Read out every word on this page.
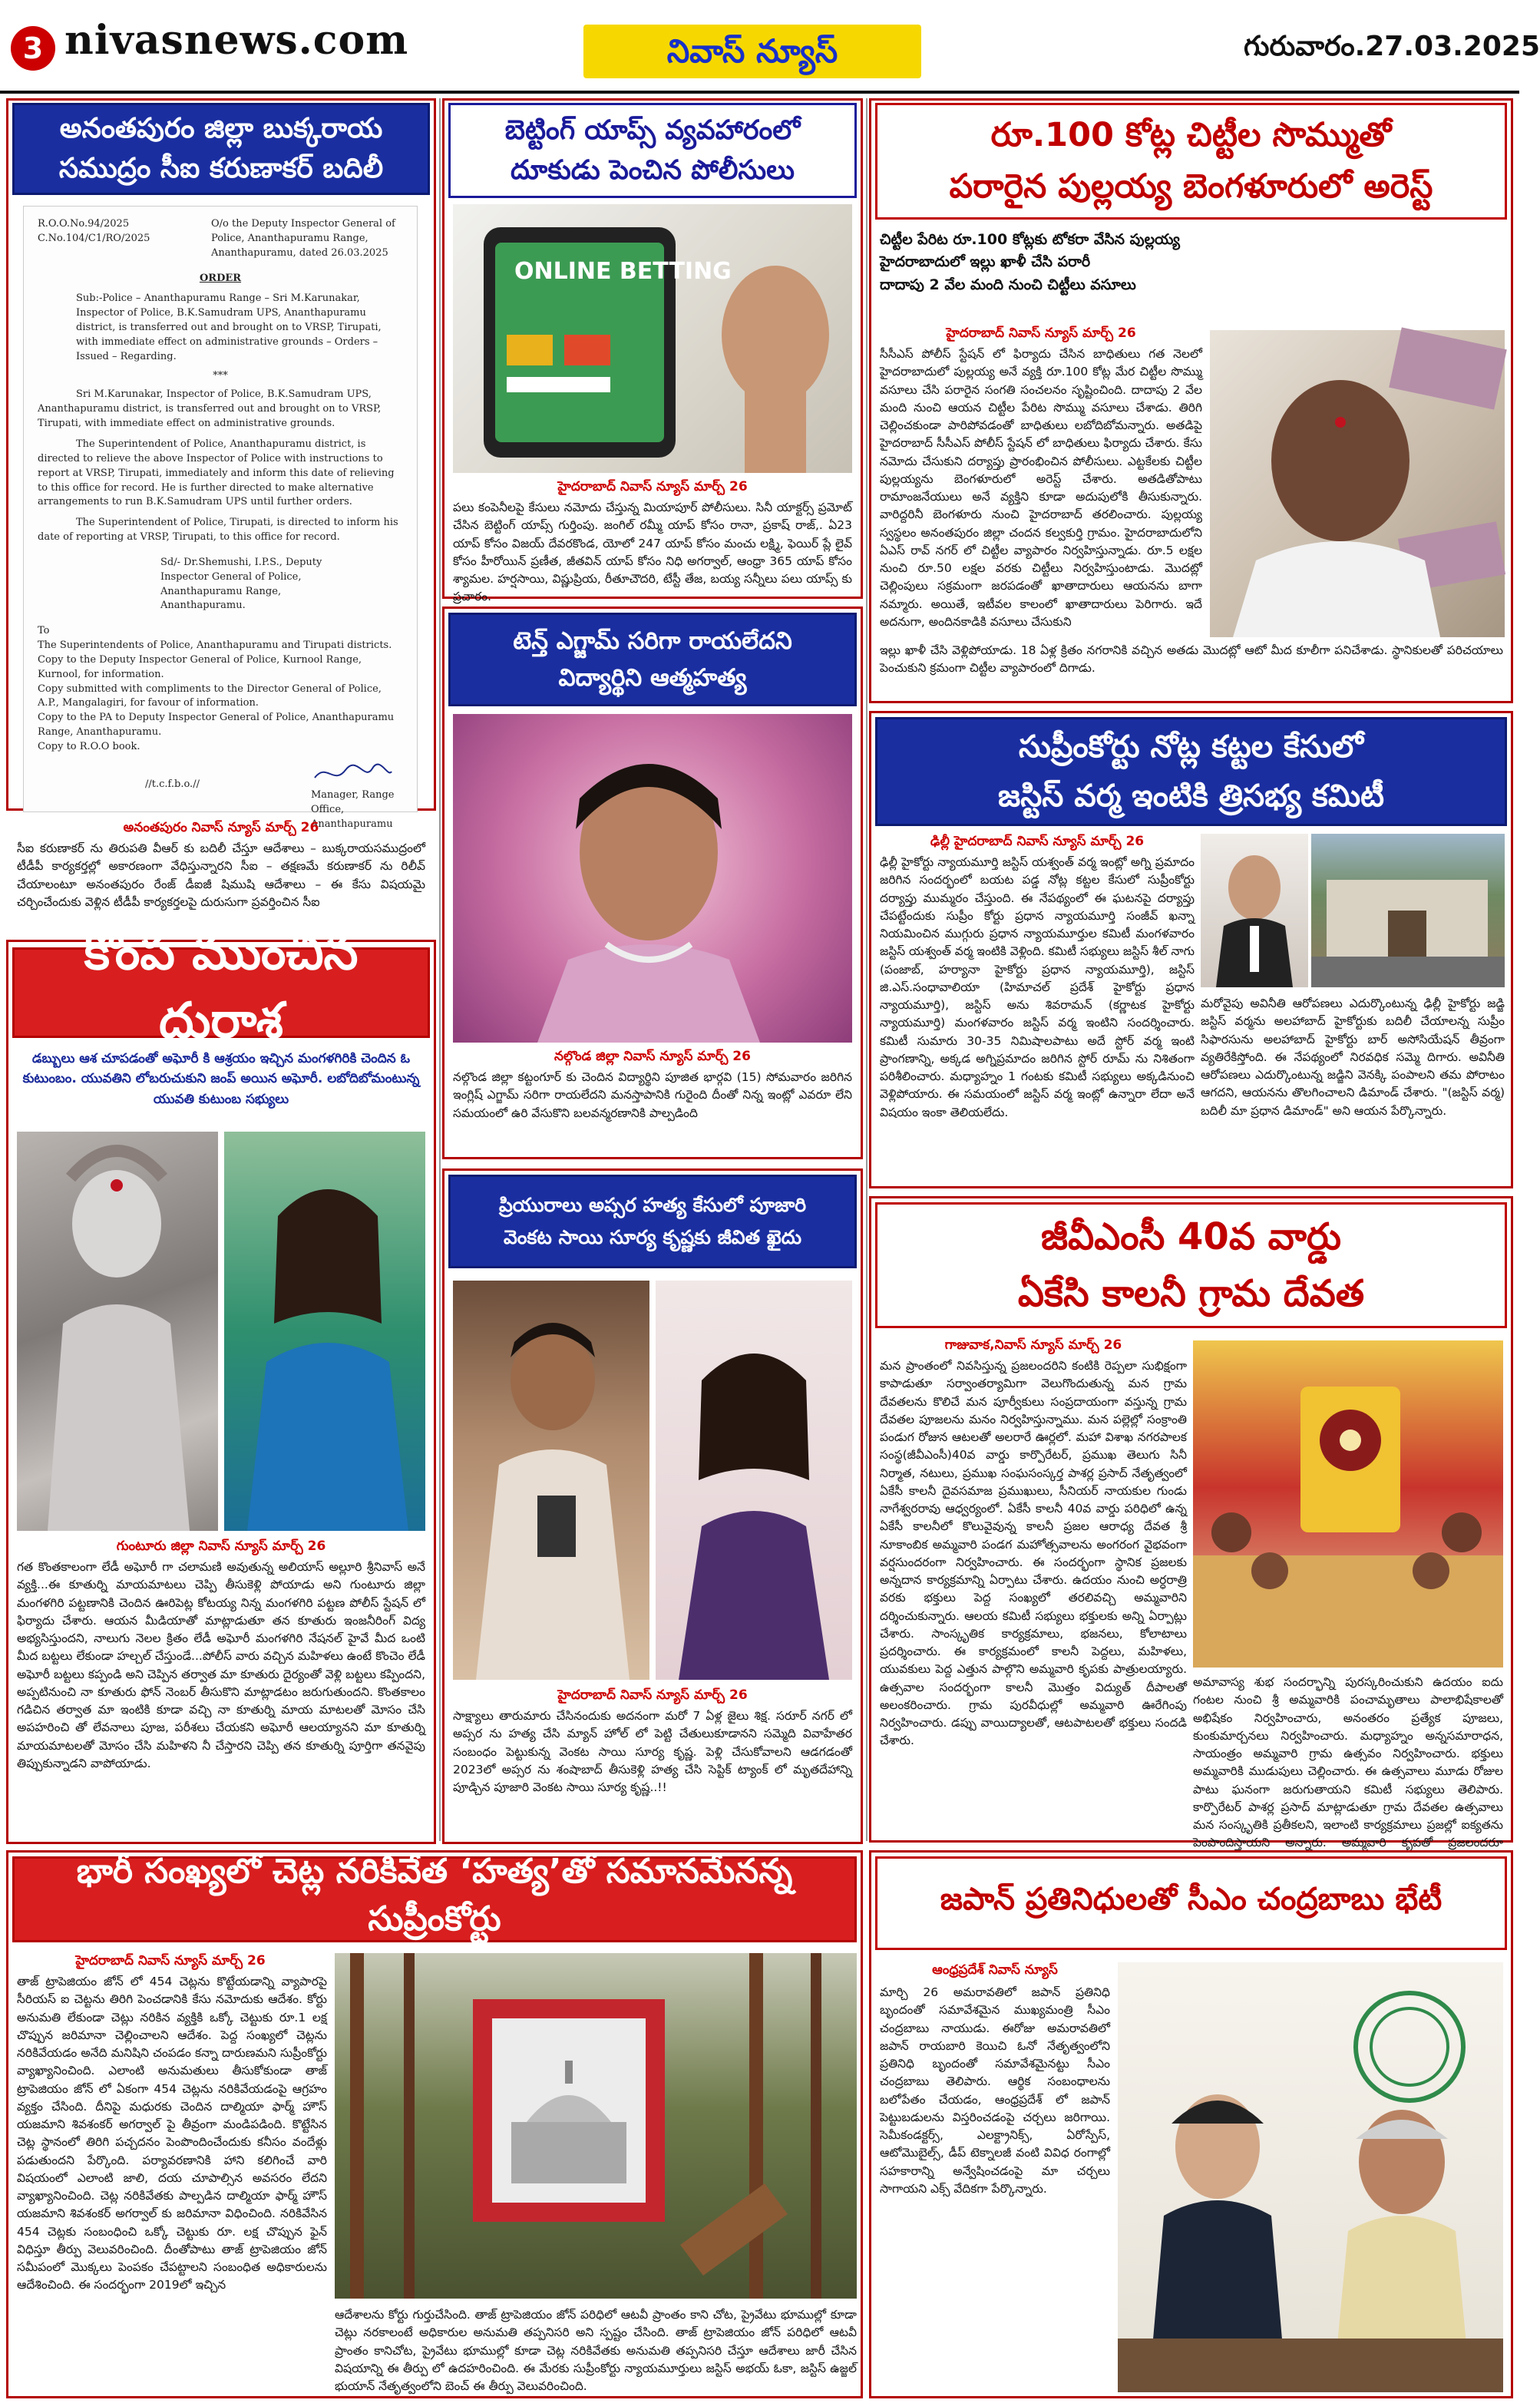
3 nivasnews.com	నివాస్ న్యూస్	గురువారం.27.03.2025
అనంతపురం జిల్లా బుక్కరాయ
సముద్రం సీఐ కరుణాకర్ బదిలీ
R.O.O.No.94/2025
C.No.104/C1/RO/2025
O/o the Deputy Inspector General of Police, Ananthapuramu Range, Ananthapuramu, dated 26.03.2025
ORDER
Sub:-Police – Ananthapuramu Range – Sri M.Karunakar, Inspector of Police, B.K.Samudram UPS, Ananthapuramu district, is transferred out and brought on to VRSP, Tirupati, with immediate effect on administrative grounds – Orders – Issued – Regarding.
***
Sri M.Karunakar, Inspector of Police, B.K.Samudram UPS, Ananthapuramu district, is transferred out and brought on to VRSP, Tirupati, with immediate effect on administrative grounds.
The Superintendent of Police, Ananthapuramu district, is directed to relieve the above Inspector of Police with instructions to report at VRSP, Tirupati, immediately and inform this date of relieving to this office for record. He is further directed to make alternative arrangements to run B.K.Samudram UPS until further orders.
The Superintendent of Police, Tirupati, is directed to inform his date of reporting at VRSP, Tirupati, to this office for record.
Sd/- Dr.Shemushi, I.P.S., Deputy Inspector General of Police, Ananthapuramu Range, Ananthapuramu.
To
The Superintendents of Police, Ananthapuramu and Tirupati districts.
Copy to the Deputy Inspector General of Police, Kurnool Range, Kurnool, for information.
Copy submitted with compliments to the Director General of Police, A.P., Mangalagiri, for favour of information.
Copy to the PA to Deputy Inspector General of Police, Ananthapuramu Range, Ananthapuramu.
Copy to R.O.O book.
//t.c.f.b.o.//
Manager, Range Office, Ananthapuramu
అనంతపురం నివాస్ న్యూస్ మార్చ్ 26
సీఐ కరుణాకర్ ను తిరుపతి వీఆర్ కు బదిలీ చేస్తూ ఆదేశాలు – బుక్కరాయసముద్రంలో టీడీపీ కార్యకర్తల్లో అకారణంగా వేధిస్తున్నారని సీఐ – తక్షణమే కరుణాకర్ ను రిలీవ్ చేయాలంటూ అనంతపురం రేంజ్ డీఐజీ షిముషి ఆదేశాలు – ఈ కేసు విషయమై చర్చించేందుకు వెళ్లిన టీడీపీ కార్యకర్తలపై దురుసుగా ప్రవర్తించిన సీఐ
కొంప ముంచిన దురాశ
డబ్బులు ఆశ చూపడంతో అఘోరీ కి ఆశ్రయం ఇచ్చిన మంగళగిరికి చెందిన ఓ కుటుంబం. యువతిని లోబరుచుకుని జంప్ అయిన అఘోరీ. లబోదిబోమంటున్న యువతి కుటుంబ సభ్యులు
గుంటూరు జిల్లా నివాస్ న్యూస్ మార్చ్ 26
గత కొంతకాలంగా లేడీ అఘోరీ గా చలామణి అవుతున్న అలియాస్ అల్లూరి శ్రీనివాస్ అనే వ్యక్తి...ఈ కూతుర్ని మాయమాటలు చెప్పి తీసుకెళ్లి పోయాడు అని గుంటూరు జిల్లా మంగళగిరి పట్టణానికి చెందిన ఊరిపెట్ల కోటయ్య నిన్న మంగళగిరి పట్టణ పోలీస్ స్టేషన్ లో ఫిర్యాదు చేశారు. ఆయన మీడియాతో మాట్లాడుతూ తన కూతురు ఇంజనీరింగ్ విద్య అభ్యసిస్తుందని, నాలుగు నెలల క్రితం లేడీ అఘోరీ మంగళగిరి నేషనల్ హైవే మీద ఒంటి మీద బట్టలు లేకుండా హల్చల్ చేస్తుండే...పోలీస్ వారు వచ్చిన మహిళలు ఉంటే కొంచెం లేడీ అఘోరీ బట్టలు కప్పండి అని చెప్పిన తర్వాత మా కూతురు దైర్యంతో వెళ్లి బట్టలు కప్పిందని, అప్పటినుంచి నా కూతురు ఫోన్ నెంబర్ తీసుకొని మాట్లాడటం జరుగుతుందని. కొంతకాలం గడిచిన తర్వాత మా ఇంటికి కూడా వచ్చి నా కూతుర్ని మాయ మాటలతో మోసం చేసి అపహరించి తో లేవనాలు పూజ, పరీశలు చేయకని అఘోరీ ఆలయ్యానని మా కూతుర్ని మాయమాటలతో మోసం చేసి మహిళని నీ చేస్తారని చెప్పి తన కూతుర్ని పూర్తిగా తనవైపు తిప్పుకున్నాడని వాపోయాడు.
బెట్టింగ్ యాప్స్ వ్యవహారంలో
దూకుడు పెంచిన పోలీసులు
ONLINE BETTING
హైదరాబాద్ నివాస్ న్యూస్ మార్చ్ 26
పలు కంపెనీలపై కేసులు నమోదు చేస్తున్న మియాపూర్ పోలీసులు. సినీ యాక్టర్స్ ప్రమోట్ చేసిన బెట్టింగ్ యాప్స్ గుర్తింపు. జంగిల్ రమ్మీ యాప్ కోసం రానా, ప్రకాష్ రాజ్,. ఏ23 యాప్ కోసం విజయ్ దేవరకొండ, యోలో 247 యాప్ కోసం మంచు లక్ష్మి, ఫెయిర్ ప్లే లైవ్ కోసం హీరోయిన్ ప్రణీత, జీతవిన్ యాప్ కోసం నిధి అగర్వాల్, ఆంధ్రా 365 యాప్ కోసం శ్యామల. హర్షసాయి, విష్ణుప్రియ, రీతూచౌదరి, టేస్టీ తేజ, బయ్య సన్నీలు పలు యాప్స్ కు ప్రచారం.
టెన్త్ ఎగ్జామ్ సరిగా రాయలేదని
విద్యార్థిని ఆత్మహత్య
నల్గొండ జిల్లా నివాస్ న్యూస్ మార్చ్ 26
నల్గొండ జిల్లా కట్టంగూర్ కు చెందిన విద్యార్థిని పూజిత భార్గవి (15) సోమవారం జరిగిన ఇంగ్లిష్ ఎగ్జామ్ సరిగా రాయలేదని మనస్తాపానికి గురైంది దీంతో నిన్న ఇంట్లో ఎవరూ లేని సమయంలో ఉరి వేసుకొని బలవన్మరణానికి పాల్పడింది
ప్రియురాలు అప్సర హత్య కేసులో పూజారి
వెంకట సాయి సూర్య కృష్ణకు జీవిత ఖైదు
హైదరాబాద్ నివాస్ న్యూస్ మార్చ్ 26
సాక్ష్యాలు తారుమారు చేసినందుకు అదనంగా మరో 7 ఏళ్ల జైలు శిక్ష. సరూర్ నగర్ లో అప్సర ను హత్య చేసి మ్యాన్ హోల్ లో పెట్టి చేతులుకూడానని సమ్మెది వివాహేతర సంబంధం పెట్టుకున్న వెంకట సాయి సూర్య కృష్ణ. పెళ్లి చేసుకోవాలని ఆడగడంతో 2023లో అప్సర ను శంషాబాద్ తీసుకెళ్లి హత్య చేసి సెప్టిక్ ట్యాంక్ లో మృతదేహాన్ని పూడ్చిన పూజారి వెంకట సాయి సూర్య కృష్ణ..!!
రూ.100 కోట్ల చిట్టీల సొమ్ముతో
పరారైన పుల్లయ్య బెంగళూరులో అరెస్ట్
చిట్టీల పేరిట రూ.100 కోట్లకు టోకరా వేసిన పుల్లయ్య
హైదరాబాదులో ఇల్లు ఖాళీ చేసి పరారీ
దాదాపు 2 వేల మంది నుంచి చిట్టీలు వసూలు
హైదరాబాద్ నివాస్ న్యూస్ మార్చ్ 26
సీసీఎస్ పోలీస్ స్టేషన్ లో ఫిర్యాదు చేసిన బాధితులు గత నెలలో హైదరాబాదులో పుల్లయ్య అనే వ్యక్తి రూ.100 కోట్ల మేర చిట్టీల సొమ్ము వసూలు చేసి పరారైన సంగతి సంచలనం సృష్టించింది. దాదాపు 2 వేల మంది నుంచి ఆయన చిట్టీల పేరిట సొమ్ము వసూలు చేశాడు. తిరిగి చెల్లించకుండా పారిపోవడంతో బాధితులు లబోదిబోమన్నారు. అతడిపై హైదరాబాద్ సీసీఎస్ పోలీస్ స్టేషన్ లో బాధితులు ఫిర్యాదు చేశారు. కేసు నమోదు చేసుకుని దర్యాప్తు ప్రారంభించిన పోలీసులు. ఎట్టకేలకు చిట్టీల పుల్లయ్యను బెంగళూరులో అరెస్ట్ చేశారు. అతడితోపాటు రామాంజనేయులు అనే వ్యక్తిని కూడా అదుపులోకి తీసుకున్నారు. వారిద్దరినీ బెంగళూరు నుంచి హైదరాబాద్ తరలించారు. పుల్లయ్య స్వస్థలం అనంతపురం జిల్లా చందన కల్వకుర్తి గ్రామం. హైదరాబాదులోని ఏఎస్ రావ్ నగర్ లో చిట్టీల వ్యాపారం నిర్వహిస్తున్నాడు. రూ.5 లక్షల నుంచి రూ.50 లక్షల వరకు చిట్టీలు నిర్వహిస్తుంటాడు. మొదట్లో చెల్లింపులు సక్రమంగా జరపడంతో ఖాతాదారులు ఆయనను బాగా నమ్మారు. అయితే, ఇటీవల కాలంలో ఖాతాదారులు పెరిగారు. ఇదే అదనుగా, అందినకాడికి వసూలు చేసుకుని
ఇల్లు ఖాళీ చేసి వెళ్లిపోయాడు. 18 ఏళ్ల క్రితం నగరానికి వచ్చిన అతడు మొదట్లో ఆటో మీద కూలీగా పనిచేశాడు. స్థానికులతో పరిచయాలు పెంచుకుని క్రమంగా చిట్టీల వ్యాపారంలో దిగాడు.
సుప్రీంకోర్టు నోట్ల కట్టల కేసులో
జస్టిస్ వర్మ ఇంటికి త్రిసభ్య కమిటీ
ఢిల్లీ హైదరాబాద్ నివాస్ న్యూస్ మార్చ్ 26
ఢిల్లీ హైకోర్టు న్యాయమూర్తి జస్టిస్ యశ్వంత్ వర్మ ఇంట్లో అగ్ని ప్రమాదం జరిగిన సందర్భంలో బయట పడ్డ నోట్ల కట్టల కేసులో సుప్రీంకోర్టు దర్యాప్తు ముమ్మరం చేస్తుంది. ఈ నేపథ్యంలో ఈ ఘటనపై దర్యాప్తు చేపట్టేందుకు సుప్రీం కోర్టు ప్రధాన న్యాయమూర్తి సంజీవ్ ఖన్నా నియమించిన ముగ్గురు ప్రధాన న్యాయమూర్తుల కమిటీ మంగళవారం జస్టిస్ యశ్వంత్ వర్మ ఇంటికి వెళ్లింది. కమిటీ సభ్యులు జస్టిస్ శీల్ నాగు (పంజాబ్, హర్యానా హైకోర్టు ప్రధాన న్యాయమూర్తి), జస్టిస్ జి.ఎస్.సంధావాలియా (హిమాచల్ ప్రదేశ్ హైకోర్టు ప్రధాన న్యాయమూర్తి), జస్టిస్ అను శివరామన్ (కర్ణాటక హైకోర్టు న్యాయమూర్తి) మంగళవారం జస్టిస్ వర్మ ఇంటిని సందర్శించారు. కమిటీ సుమారు 30-35 నిమిషాలపాటు అదే స్టోర్ వర్మ ఇంటి ప్రాంగణాన్ని, అక్కడ అగ్నిప్రమాదం జరిగిన స్టోర్ రూమ్ ను నిశితంగా పరిశీలించారు. మధ్యాహ్నం 1 గంటకు కమిటీ సభ్యులు అక్కడినుంచి వెళ్లిపోయారు. ఈ సమయంలో జస్టిస్ వర్మ ఇంట్లో ఉన్నారా లేదా అనే విషయం ఇంకా తెలియలేదు.
మరోవైపు అవినీతి ఆరోపణలు ఎదుర్కొంటున్న ఢిల్లీ హైకోర్టు జడ్జి జస్టిస్ వర్మను అలహాబాద్ హైకోర్టుకు బదిలీ చేయాలన్న సుప్రీం సిఫారసును అలహాబాద్ హైకోర్టు బార్ అసోసియేషన్ తీవ్రంగా వ్యతిరేకిస్తోంది. ఈ నేపథ్యంలో నిరవధిక సమ్మె దిగారు. అవినీతి ఆరోపణలు ఎదుర్కొంటున్న జడ్జిని వెనక్కి పంపాలని తమ పోరాటం ఆగదని, ఆయనను తొలగించాలని డిమాండ్ చేశారు. "(జస్టిస్ వర్మ) బదిలీ మా ప్రధాన డిమాండ్" అని ఆయన పేర్కొన్నారు.
జీవీఎంసీ 40వ వార్డు
ఏకేసి కాలనీ గ్రామ దేవత
గాజువాక,నివాస్ న్యూస్ మార్చ్ 26
మన ప్రాంతంలో నివసిస్తున్న ప్రజలందరిని కంటికి రెప్పలా సుభిక్షంగా కాపాడుతూ సర్వాంతర్యామిగా వెలుగొందుతున్న మన గ్రామ దేవతలను కొలిచే మన పూర్వీకులు సంప్రదాయంగా వస్తున్న గ్రామ దేవతల పూజలను మనం నిర్వహిస్తున్నాము. మన పల్లెల్లో సంక్రాంతి పండుగ రోజున ఆటలతో అలరారే ఊర్లలో. మహా విశాఖ నగరపాలక సంస్థ(జీవీఎంసీ)40వ వార్డు కార్పొరేటర్, ప్రముఖ తెలుగు సినీ నిర్మాత, నటులు, ప్రముఖ సంఘసంస్కర్త పాశర్ల ప్రసాద్ నేతృత్వంలో ఏకేసీ కాలనీ దైవసమాజ ప్రముఖులు, సీనియర్ నాయకుల గుండు నాగేశ్వరరావు ఆధ్వర్యంలో. ఏకేసీ కాలనీ 40వ వార్డు పరిధిలో ఉన్న ఏకేసీ కాలనీలో కొలువైవున్న కాలనీ ప్రజల ఆరాధ్య దేవత శ్రీ నూకాంబిక అమ్మవారి పండగ మహోత్సవాలను అంగరంగ వైభవంగా వర్షసుందరంగా నిర్వహించారు. ఈ సందర్భంగా స్థానిక ప్రజలకు అన్నదాన కార్యక్రమాన్ని ఏర్పాటు చేశారు. ఉదయం నుంచి అర్ధరాత్రి వరకు భక్తులు పెద్ద సంఖ్యలో తరలివచ్చి అమ్మవారిని దర్శించుకున్నారు. ఆలయ కమిటీ సభ్యులు భక్తులకు అన్ని ఏర్పాట్లు చేశారు. సాంస్కృతిక కార్యక్రమాలు, భజనలు, కోలాటాలు ప్రదర్శించారు. ఈ కార్యక్రమంలో కాలనీ పెద్దలు, మహిళలు, యువకులు పెద్ద ఎత్తున పాల్గొని అమ్మవారి కృపకు పాత్రులయ్యారు. ఉత్సవాల సందర్భంగా కాలనీ మొత్తం విద్యుత్ దీపాలతో అలంకరించారు. గ్రామ పురవీధుల్లో అమ్మవారి ఊరేగింపు నిర్వహించారు. డప్పు వాయిద్యాలతో, ఆటపాటలతో భక్తులు సందడి చేశారు.
అమావాస్య శుభ సందర్భాన్ని పురస్కరించుకుని ఉదయం ఐదు గంటల నుంచి శ్రీ అమ్మవారికి పంచామృతాలు పాలాభిషేకాలతో అభిషేకం నిర్వహించారు, అనంతరం ప్రత్యేక పూజలు, కుంకుమార్చనలు నిర్వహించారు. మధ్యాహ్నం అన్నసమారాధన, సాయంత్రం అమ్మవారి గ్రామ ఉత్సవం నిర్వహించారు. భక్తులు అమ్మవారికి ముడుపులు చెల్లించారు. ఈ ఉత్సవాలు మూడు రోజుల పాటు ఘనంగా జరుగుతాయని కమిటీ సభ్యులు తెలిపారు. కార్పొరేటర్ పాశర్ల ప్రసాద్ మాట్లాడుతూ గ్రామ దేవతల ఉత్సవాలు మన సంస్కృతికి ప్రతీకలని, ఇలాంటి కార్యక్రమాలు ప్రజల్లో ఐక్యతను పెంపొందిస్తాయని అన్నారు. అమ్మవారి కృపతో ప్రజలందరూ
భారీ సంఖ్యలో చెట్ల నరికివేత ‘హత్య’తో సమానమేనన్న సుప్రీంకోర్టు
హైదరాబాద్ నివాస్ న్యూస్ మార్చ్ 26
తాజ్ ట్రాపెజియం జోన్ లో 454 చెట్లను కొట్టేయడాన్ని వ్యాపారపై సీరియస్ ఐ చెట్టను తిరిగి పెంచడానికి కేసు నమోదుకు ఆదేశం. కోర్టు అనుమతి లేకుండా చెట్లు నరికిన వ్యక్తికి ఒక్కో చెట్టుకు రూ.1 లక్ష చొప్పున జరిమానా చెల్లించాలని ఆదేశం. పెద్ద సంఖ్యలో చెట్లను నరికివేయడం అనేది మనిషిని చంపడం కన్నా దారుణమని సుప్రీంకోర్టు వ్యాఖ్యానించింది. ఎలాంటి అనుమతులు తీసుకోకుండా తాజ్ ట్రాపెజియం జోన్ లో ఏకంగా 454 చెట్లను నరికివేయడంపై ఆగ్రహం వ్యక్తం చేసింది. దీనిపై మధురకు చెందిన దాల్మియా ఫార్మ్ హౌస్ యజమాని శివశంకర్ అగర్వాల్ పై తీవ్రంగా మండిపడింది. కొట్టేసిన చెట్ల స్థానంలో తిరిగి పచ్చదనం పెంపొందించేందుకు కనీసం వందేళ్లు పడుతుందని పేర్కొంది. పర్యావరణానికి హాని కలిగించే వారి విషయంలో ఎలాంటి జాలి, దయ చూపాల్సిన అవసరం లేదని వ్యాఖ్యానించింది. చెట్ల నరికివేతకు పాల్పడిన దాల్మియా ఫార్మ్ హౌస్ యజమాని శివశంకర్ అగర్వాల్ కు జరిమానా విధించింది. నరికివేసిన 454 చెట్లకు సంబంధించి ఒక్కో చెట్టుకు రూ. లక్ష చొప్పున ఫైన్ విధిస్తూ తీర్పు వెలువరించింది. దీంతోపాటు తాజ్ ట్రాపెజియం జోన్ సమీపంలో మొక్కలు పెంపకం చేపట్టాలని సంబంధిత అధికారులను ఆదేశించింది. ఈ సందర్భంగా 2019లో ఇచ్చిన
ఆదేశాలను కోర్టు గుర్తుచేసింది. తాజ్ ట్రాపెజియం జోన్ పరిధిలో ఆటవీ ప్రాంతం కాని చోట, ప్రైవేటు భూముల్లో కూడా చెట్లు నరకాలంటే అధికారుల అనుమతి తప్పనిసరి అని స్పష్టం చేసింది. తాజ్ ట్రాపెజియం జోన్ పరిధిలో ఆటవీ ప్రాంతం కానిచోట, ప్రైవేటు భూముల్లో కూడా చెట్ల నరికివేతకు అనుమతి తప్పనిసరి చేస్తూ ఆదేశాలు జారీ చేసిన విషయాన్ని ఈ తీర్పు లో ఉదహరించింది. ఈ మేరకు సుప్రీంకోర్టు న్యాయమూర్తులు జస్టిస్ అభయ్ ఓకా, జస్టిస్ ఉజ్జల్ భుయాన్ నేతృత్వంలోని బెంచ్ ఈ తీర్పు వెలువరించింది.
జపాన్ ప్రతినిధులతో సీఎం చంద్రబాబు భేటీ
ఆంధ్రప్రదేశ్ నివాస్ న్యూస్
మార్చి 26 అమరావతిలో జపాన్ ప్రతినిధి బృందంతో సమావేశమైన ముఖ్యమంత్రి సీఎం చంద్రబాబు నాయుడు. ఈరోజు అమరావతిలో జపాన్ రాయబారి కెయిచి ఓనో నేతృత్వంలోని ప్రతినిధి బృందంతో సమావేశమైనట్టు సీఎం చంద్రబాబు తెలిపారు. ఆర్థిక సంబంధాలను బలోపేతం చేయడం, ఆంధ్రప్రదేశ్ లో జపాన్ పెట్టుబడులను విస్తరించడంపై చర్చలు జరిగాయి. సెమీకండక్టర్స్, ఎలక్ట్రానిక్స్, ఏరోస్పేస్, ఆటోమొబైల్స్, డీప్ టెక్నాలజీ వంటి వివిధ రంగాల్లో సహకారాన్ని అన్వేషించడంపై మా చర్చలు సాగాయని ఎక్స్ వేదికగా పేర్కొన్నారు.
